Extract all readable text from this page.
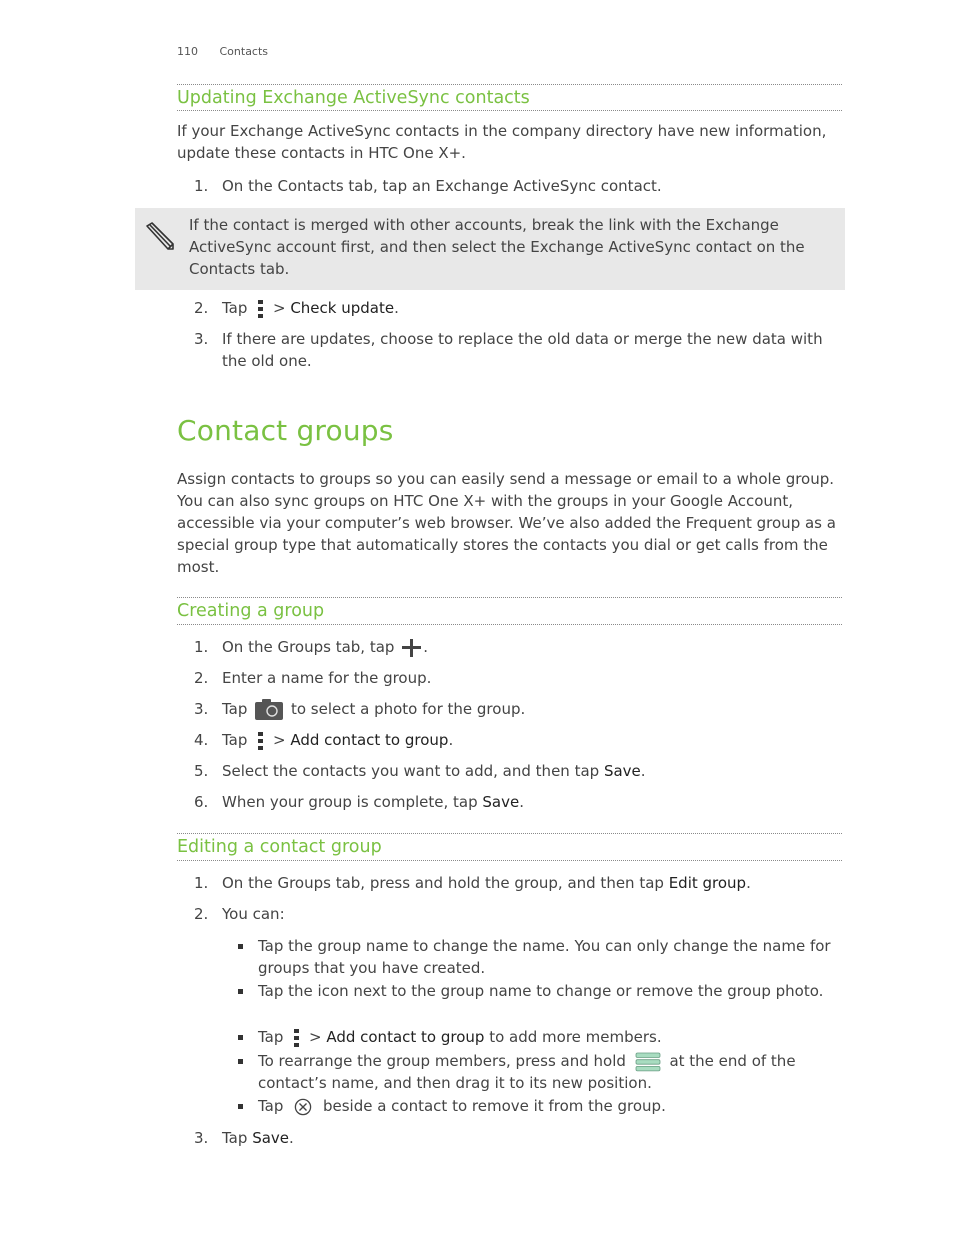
110 Contacts
Updating Exchange ActiveSync contacts

If your Exchange ActiveSync contacts in the company directory have new information, update these contacts in HTC One X+.

1. On the Contacts tab, tap an Exchange ActiveSync contact.
If the contact is merged with other accounts, break the link with the Exchange ActiveSync account first, and then select the Exchange ActiveSync contact on the Contacts tab.
2. Tap > Check update.
3. If there are updates, choose to replace the old data or merge the new data with the old one.
Contact groups

Assign contacts to groups so you can easily send a message or email to a whole group. You can also sync groups on HTC One X+ with the groups in your Google Account, accessible via your computer’s web browser. We’ve also added the Frequent group as a special group type that automatically stores the contacts you dial or get calls from the most.

Creating a group
1. On the Groups tab, tap .
2. Enter a name for the group.
3. Tap	to select a photo for the group.
4. Tap > Add contact to group.
5. Select the contacts you want to add, and then tap Save.
6. When your group is complete, tap Save.
Editing a contact group
1. On the Groups tab, press and hold the group, and then tap Edit group.
2. You can:
Tap the group name to change the name. You can only change the name for groups that you have created.
Tap the icon next to the group name to change or remove the group photo.
Tap > Add contact to group to add more members.
To rearrange the group members, press and hold	at the end of the contact’s name, and then drag it to its new position.
Tap	beside a contact to remove it from the group.
3. Tap Save.
